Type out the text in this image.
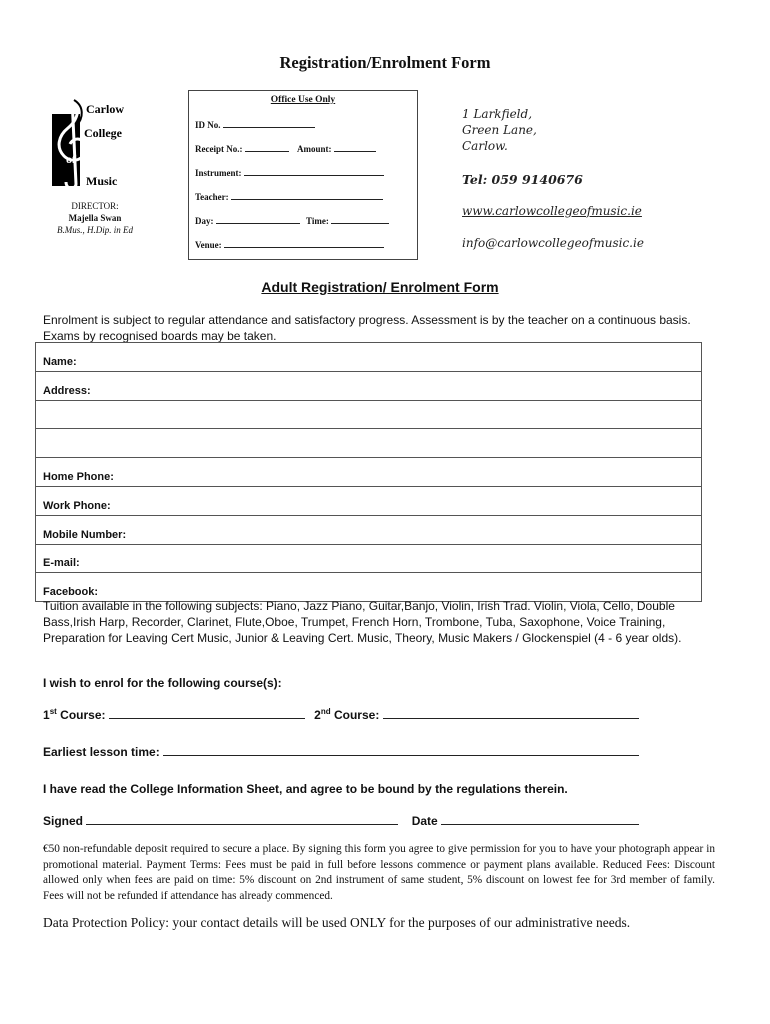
Registration/Enrolment Form
Carlow
College
of
Music
DIRECTOR:
Majella Swan
B.Mus., H.Dip. in Ed
Office Use Only
ID No.
Receipt No.:	Amount:
Instrument:
Teacher:
Day:	Time:
Venue:
1 Larkfield,
Green Lane,
Carlow.
Tel: 059 9140676
www.carlowcollegeofmusic.ie
info@carlowcollegeofmusic.ie
Adult Registration/ Enrolment Form
Enrolment is subject to regular attendance and satisfactory progress. Assessment is by the teacher on a continuous basis. Exams by recognised boards may be taken.
Name:
Address:
Home Phone:
Work Phone:
Mobile Number:
E-mail:
Facebook:
Tuition available in the following subjects: Piano, Jazz Piano, Guitar,Banjo, Violin, Irish Trad. Violin, Viola, Cello, Double Bass,Irish Harp, Recorder, Clarinet, Flute,Oboe, Trumpet, French Horn, Trombone, Tuba, Saxophone, Voice Training, Preparation for Leaving Cert Music, Junior & Leaving Cert. Music, Theory, Music Makers / Glockenspiel (4 - 6 year olds).
I wish to enrol for the following course(s):
1st Course:	2nd Course:
Earliest lesson time:
I have read the College Information Sheet, and agree to be bound by the regulations therein.
Signed	Date
€50 non-refundable deposit required to secure a place. By signing this form you agree to give permission for you to have your photograph appear in promotional material. Payment Terms: Fees must be paid in full before lessons commence or payment plans available. Reduced Fees: Discount allowed only when fees are paid on time: 5% discount on 2nd instrument of same student, 5% discount on lowest fee for 3rd member of family. Fees will not be refunded if attendance has already commenced.
Data Protection Policy: your contact details will be used ONLY for the purposes of our administrative needs.
